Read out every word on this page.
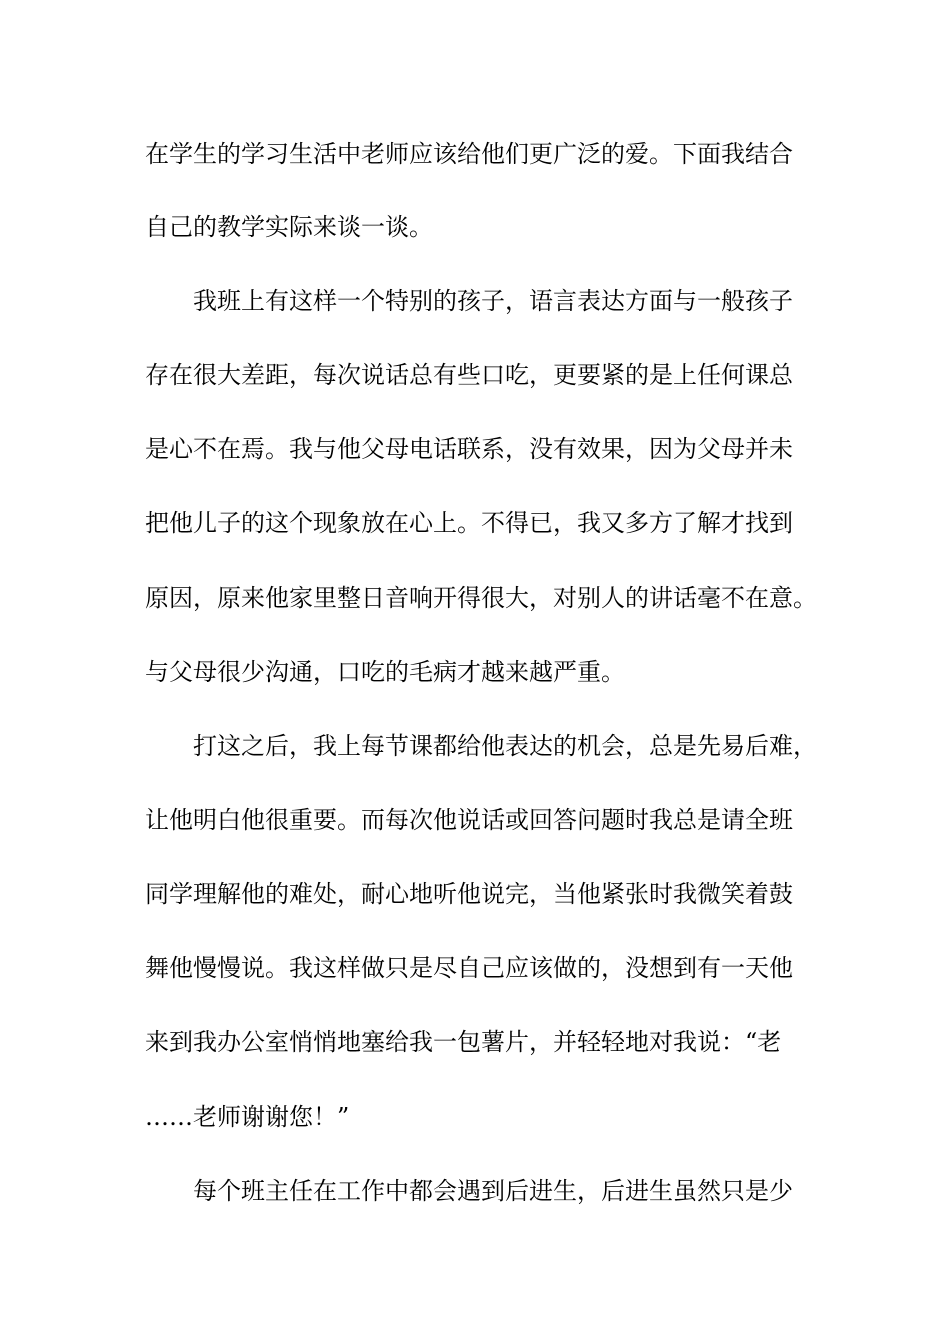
在学生的学习生活中老师应该给他们更广泛的爱。下面我结合
自己的教学实际来谈一谈。
我班上有这样一个特别的孩子，语言表达方面与一般孩子
存在很大差距，每次说话总有些口吃，更要紧的是上任何课总
是心不在焉。我与他父母电话联系，没有效果，因为父母并未
把他儿子的这个现象放在心上。不得已，我又多方了解才找到
原因，原来他家里整日音响开得很大，对别人的讲话毫不在意。
与父母很少沟通，口吃的毛病才越来越严重。
打这之后，我上每节课都给他表达的机会，总是先易后难，
让他明白他很重要。而每次他说话或回答问题时我总是请全班
同学理解他的难处，耐心地听他说完，当他紧张时我微笑着鼓
舞他慢慢说。我这样做只是尽自己应该做的，没想到有一天他
来到我办公室悄悄地塞给我一包薯片，并轻轻地对我说：“老
……老师谢谢您！”
每个班主任在工作中都会遇到后进生，后进生虽然只是少
